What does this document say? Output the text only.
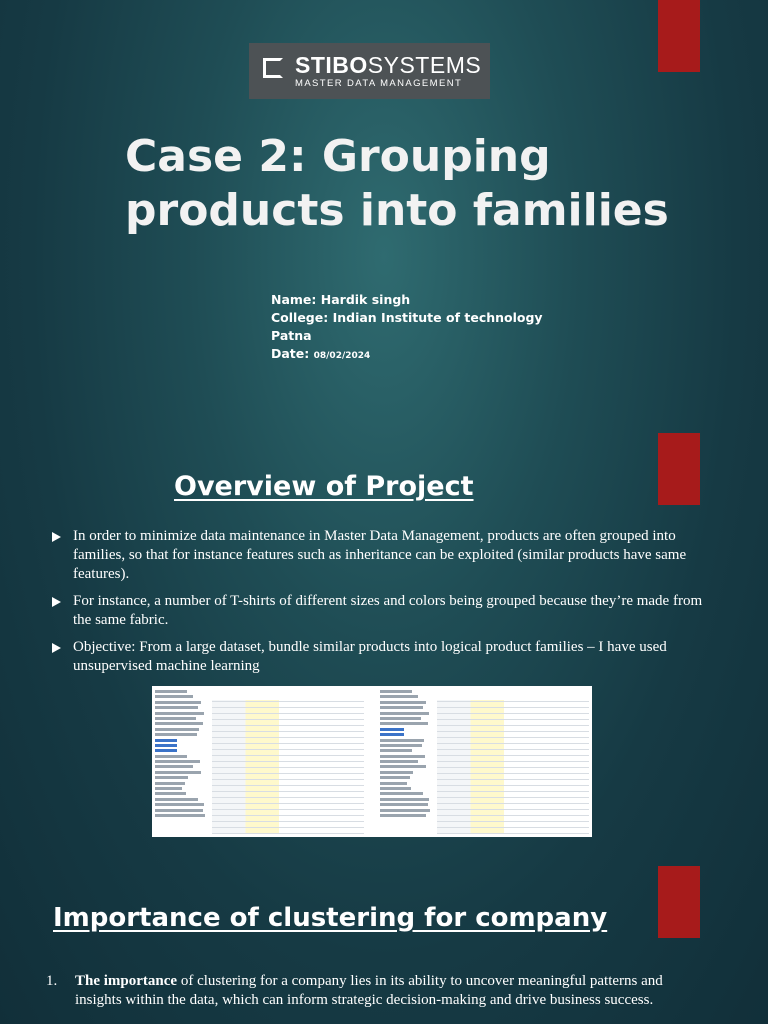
STIBOSYSTEMS
MASTER DATA MANAGEMENT
Case 2: Grouping
products into families
Name: Hardik singh
College: Indian Institute of technology
Patna
Date: 08/02/2024
Overview of Project
In order to minimize data maintenance in Master Data Management, products are often grouped into families, so that for instance features such as inheritance can be exploited (similar products have same features).
For instance, a number of T-shirts of different sizes and colors being grouped because they’re made from the same fabric.
Objective: From a large dataset, bundle similar products into logical product families – I have used unsupervised machine learning
Importance of clustering for company
1. The importance of clustering for a company lies in its ability to uncover meaningful patterns and insights within the data, which can inform strategic decision-making and drive business success.
